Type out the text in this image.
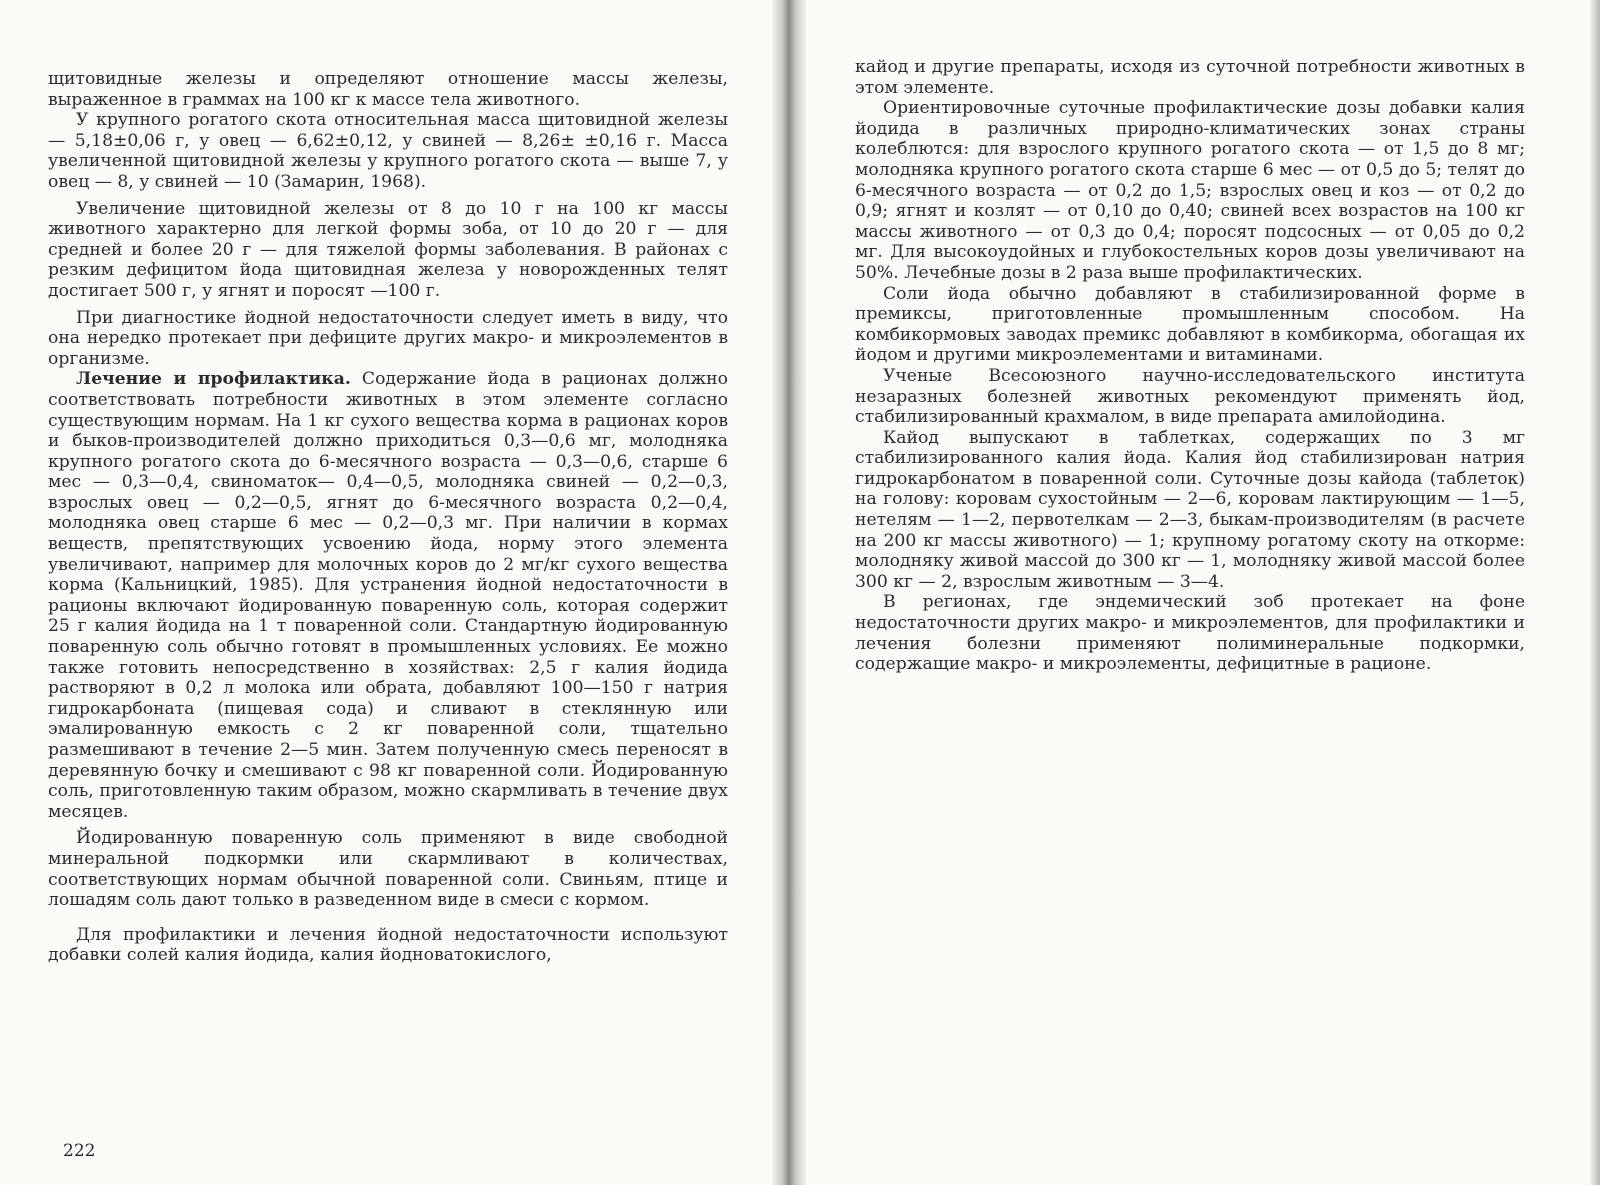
щитовидные железы и определяют отношение массы железы, выраженное в граммах на 100 кг к массе тела животного.

У крупного рогатого скота относительная масса щитовидной железы — 5,18±0,06 г, у овец — 6,62±0,12, у свиней — 8,26± ±0,16 г. Масса увеличенной щитовидной железы у крупного рогатого скота — выше 7, у овец — 8, у свиней — 10 (Замарин, 1968).

Увеличение щитовидной железы от 8 до 10 г на 100 кг массы животного характерно для легкой формы зоба, от 10 до 20 г — для средней и более 20 г — для тяжелой формы заболевания. В районах с резким дефицитом йода щитовидная железа у новорожденных телят достигает 500 г, у ягнят и поросят —100 г.

При диагностике йодной недостаточности следует иметь в виду, что она нередко протекает при дефиците других макро- и микроэлементов в организме.

Лечение и профилактика. Содержание йода в рационах должно соответствовать потребности животных в этом элементе согласно существующим нормам. На 1 кг сухого вещества корма в рационах коров и быков-производителей должно приходиться 0,3—0,6 мг, молодняка крупного рогатого скота до 6-месячного возраста — 0,3—0,6, старше 6 мес — 0,3—0,4, свиноматок— 0,4—0,5, молодняка свиней — 0,2—0,3, взрослых овец — 0,2—0,5, ягнят до 6-месячного возраста 0,2—0,4, молодняка овец старше 6 мес — 0,2—0,3 мг. При наличии в кормах веществ, препятствующих усвоению йода, норму этого элемента увеличивают, например для молочных коров до 2 мг/кг сухого вещества корма (Кальницкий, 1985). Для устранения йодной недостаточности в рационы включают йодированную поваренную соль, которая содержит 25 г калия йодида на 1 т поваренной соли. Стандартную йодированную поваренную соль обычно готовят в промышленных условиях. Ее можно также готовить непосредственно в хозяйствах: 2,5 г калия йодида растворяют в 0,2 л молока или обрата, добавляют 100—150 г натрия гидрокарбоната (пищевая сода) и сливают в стеклянную или эмалированную емкость с 2 кг поваренной соли, тщательно размешивают в течение 2—5 мин. Затем полученную смесь переносят в деревянную бочку и смешивают с 98 кг поваренной соли. Йодированную соль, приготовленную таким образом, можно скармливать в течение двух месяцев.

Йодированную поваренную соль применяют в виде свободной минеральной подкормки или скармливают в количествах, соответствующих нормам обычной поваренной соли. Свиньям, птице и лошадям соль дают только в разведенном виде в смеси с кормом.

Для профилактики и лечения йодной недостаточности используют добавки солей калия йодида, калия йодноватокислого,

222

кайод и другие препараты, исходя из суточной потребности животных в этом элементе.

Ориентировочные суточные профилактические дозы добавки калия йодида в различных природно-климатических зонах страны колеблются: для взрослого крупного рогатого скота — от 1,5 до 8 мг; молодняка крупного рогатого скота старше 6 мес — от 0,5 до 5; телят до 6-месячного возраста — от 0,2 до 1,5; взрослых овец и коз — от 0,2 до 0,9; ягнят и козлят — от 0,10 до 0,40; свиней всех возрастов на 100 кг массы животного — от 0,3 до 0,4; поросят подсосных — от 0,05 до 0,2 мг. Для высокоудойных и глубокостельных коров дозы увеличивают на 50%. Лечебные дозы в 2 раза выше профилактических.

Соли йода обычно добавляют в стабилизированной форме в премиксы, приготовленные промышленным способом. На комбикормовых заводах премикс добавляют в комбикорма, обогащая их йодом и другими микроэлементами и витаминами.

Ученые Всесоюзного научно-исследовательского института незаразных болезней животных рекомендуют применять йод, стабилизированный крахмалом, в виде препарата амилойодина.

Кайод выпускают в таблетках, содержащих по 3 мг стабилизированного калия йода. Калия йод стабилизирован натрия гидрокарбонатом в поваренной соли. Суточные дозы кайода (таблеток) на голову: коровам сухостойным — 2—6, коровам лактирующим — 1—5, нетелям — 1—2, первотелкам — 2—3, быкам-производителям (в расчете на 200 кг массы животного) — 1; крупному рогатому скоту на откорме: молодняку живой массой до 300 кг — 1, молодняку живой массой более 300 кг — 2, взрослым животным — 3—4.

В регионах, где эндемический зоб протекает на фоне недостаточности других макро- и микроэлементов, для профилактики и лечения болезни применяют полиминеральные подкормки, содержащие макро- и микроэлементы, дефицитные в рационе.
